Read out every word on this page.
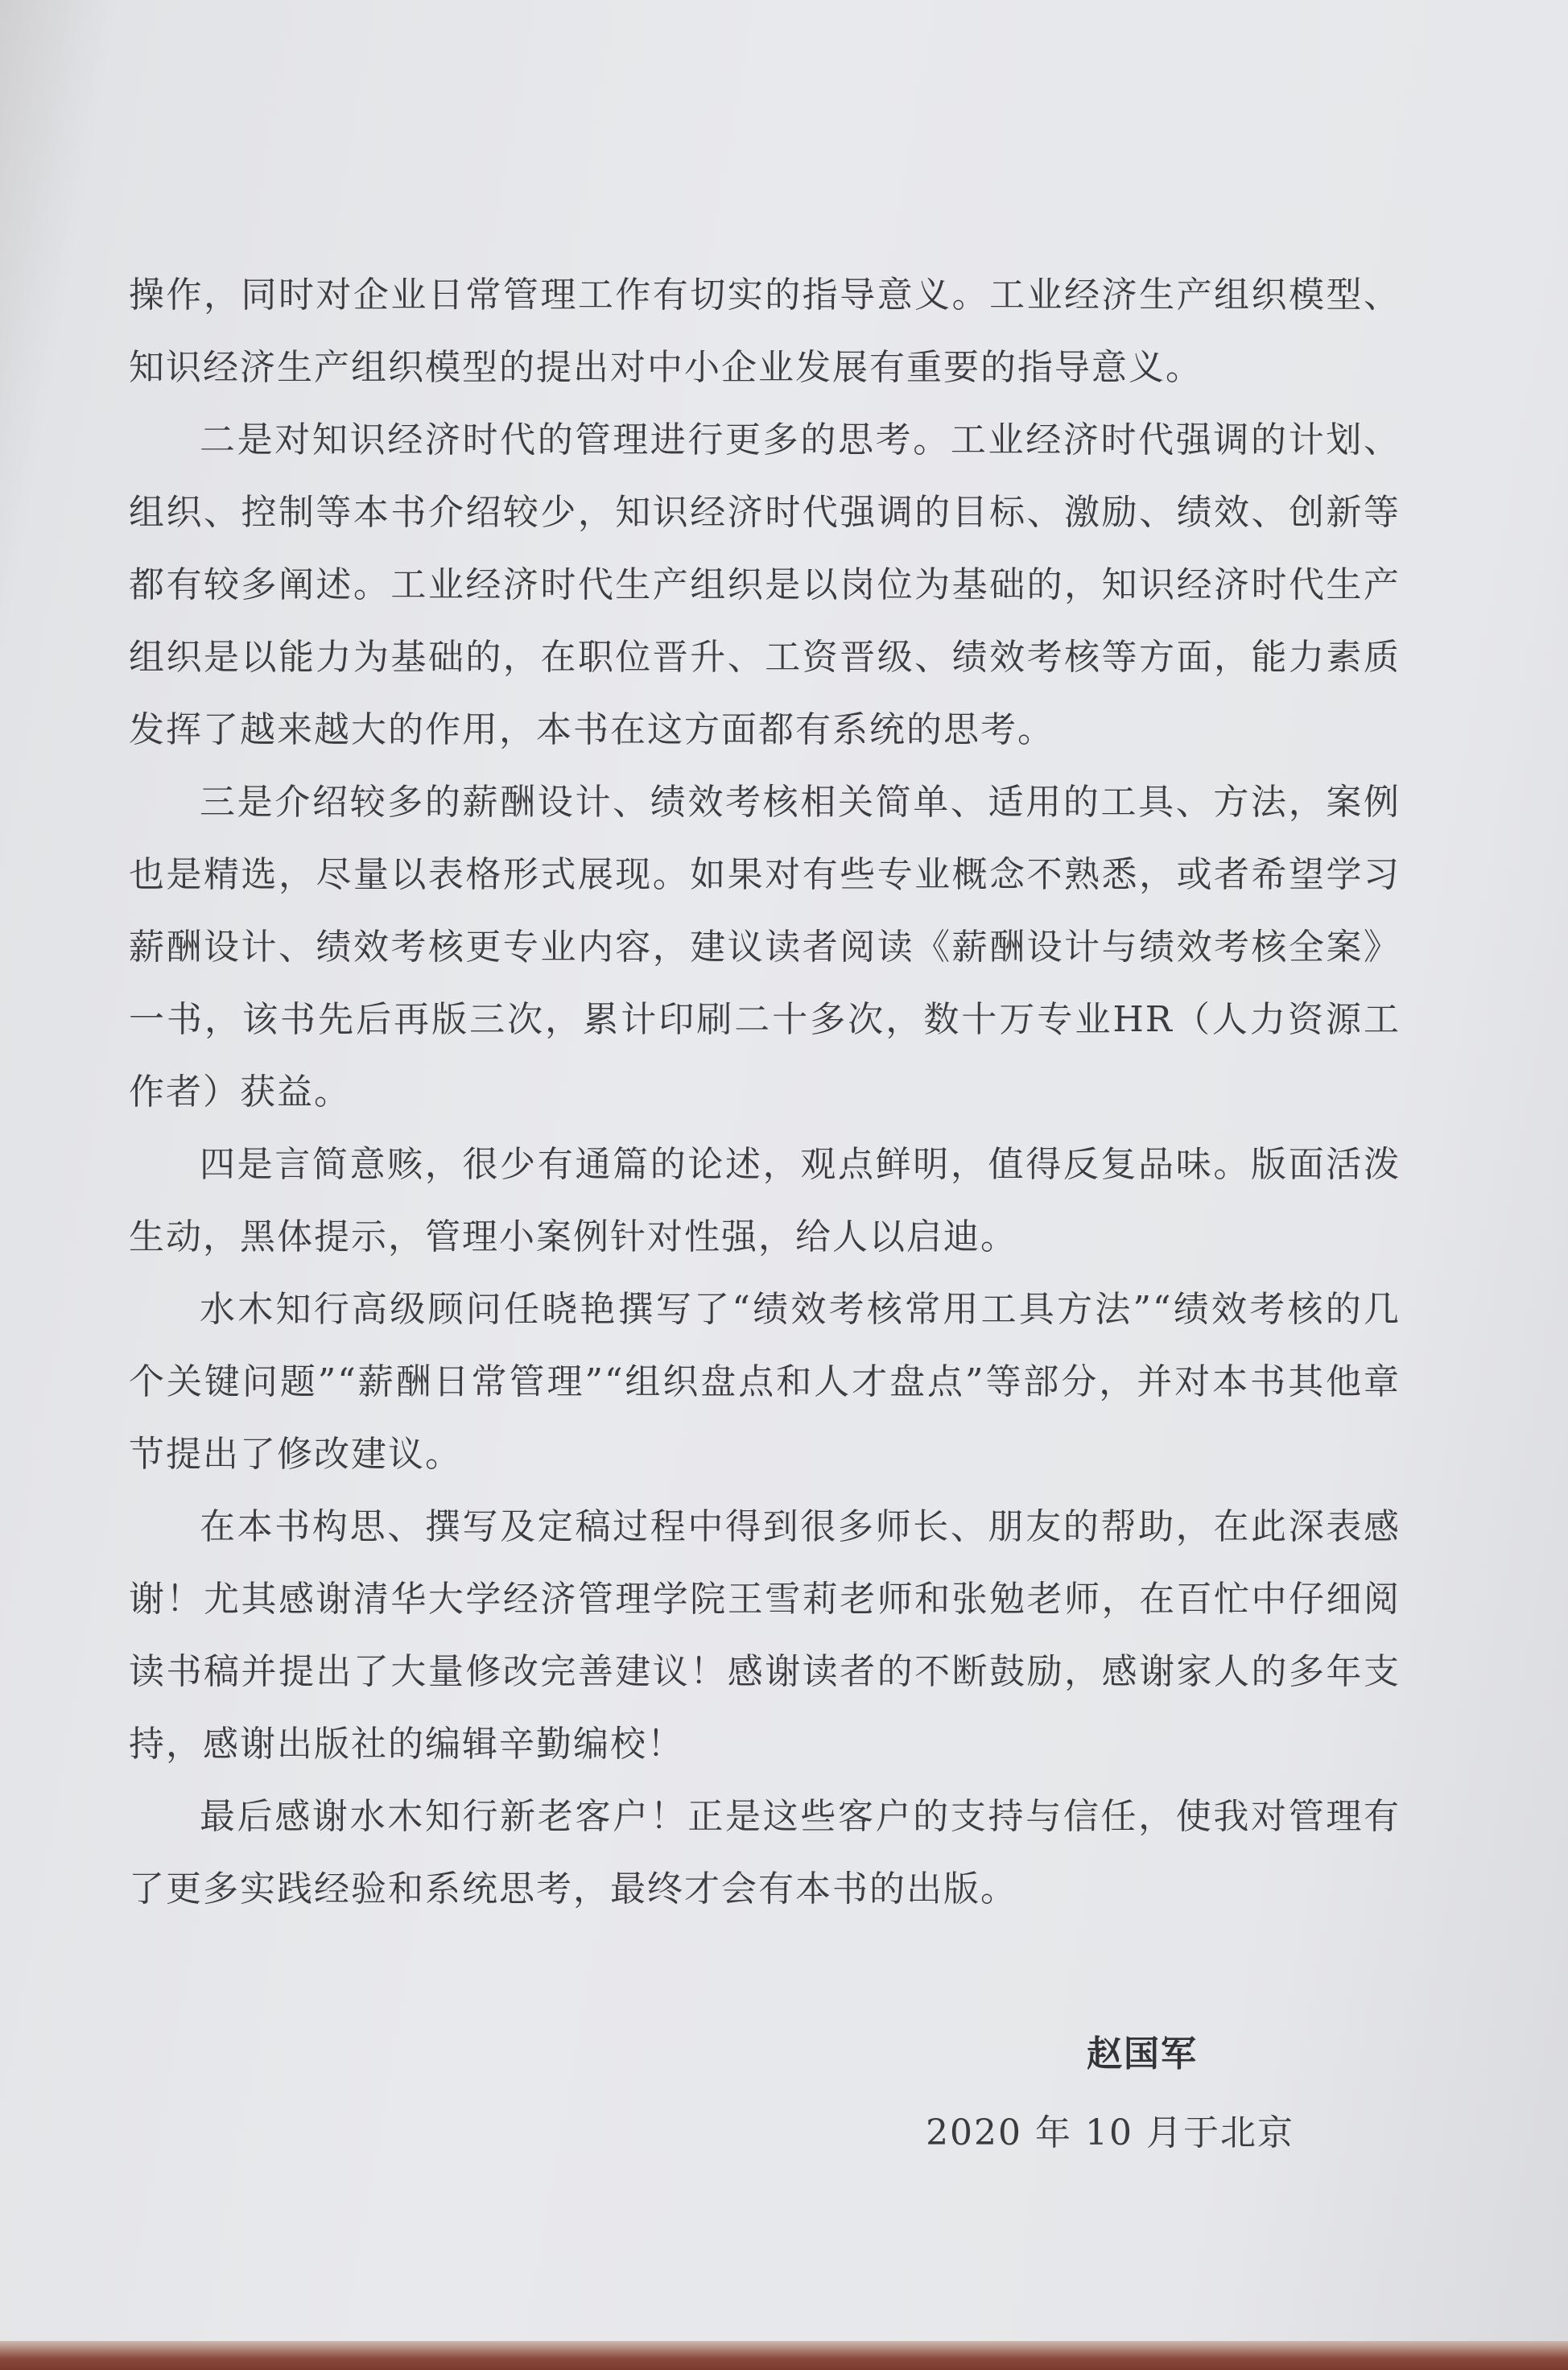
操作，同时对企业日常管理工作有切实的指导意义。工业经济生产组织模型、知识经济生产组织模型的提出对中小企业发展有重要的指导意义。

二是对知识经济时代的管理进行更多的思考。工业经济时代强调的计划、组织、控制等本书介绍较少，知识经济时代强调的目标、激励、绩效、创新等都有较多阐述。工业经济时代生产组织是以岗位为基础的，知识经济时代生产组织是以能力为基础的，在职位晋升、工资晋级、绩效考核等方面，能力素质发挥了越来越大的作用，本书在这方面都有系统的思考。

三是介绍较多的薪酬设计、绩效考核相关简单、适用的工具、方法，案例也是精选，尽量以表格形式展现。如果对有些专业概念不熟悉，或者希望学习薪酬设计、绩效考核更专业内容，建议读者阅读《薪酬设计与绩效考核全案》一书，该书先后再版三次，累计印刷二十多次，数十万专业HR（人力资源工作者）获益。

四是言简意赅，很少有通篇的论述，观点鲜明，值得反复品味。版面活泼生动，黑体提示，管理小案例针对性强，给人以启迪。

水木知行高级顾问任晓艳撰写了“绩效考核常用工具方法”“绩效考核的几个关键问题”“薪酬日常管理”“组织盘点和人才盘点”等部分，并对本书其他章节提出了修改建议。

在本书构思、撰写及定稿过程中得到很多师长、朋友的帮助，在此深表感谢！尤其感谢清华大学经济管理学院王雪莉老师和张勉老师，在百忙中仔细阅读书稿并提出了大量修改完善建议！感谢读者的不断鼓励，感谢家人的多年支持，感谢出版社的编辑辛勤编校！

最后感谢水木知行新老客户！正是这些客户的支持与信任，使我对管理有了更多实践经验和系统思考，最终才会有本书的出版。

赵国军
2020 年 10 月于北京
